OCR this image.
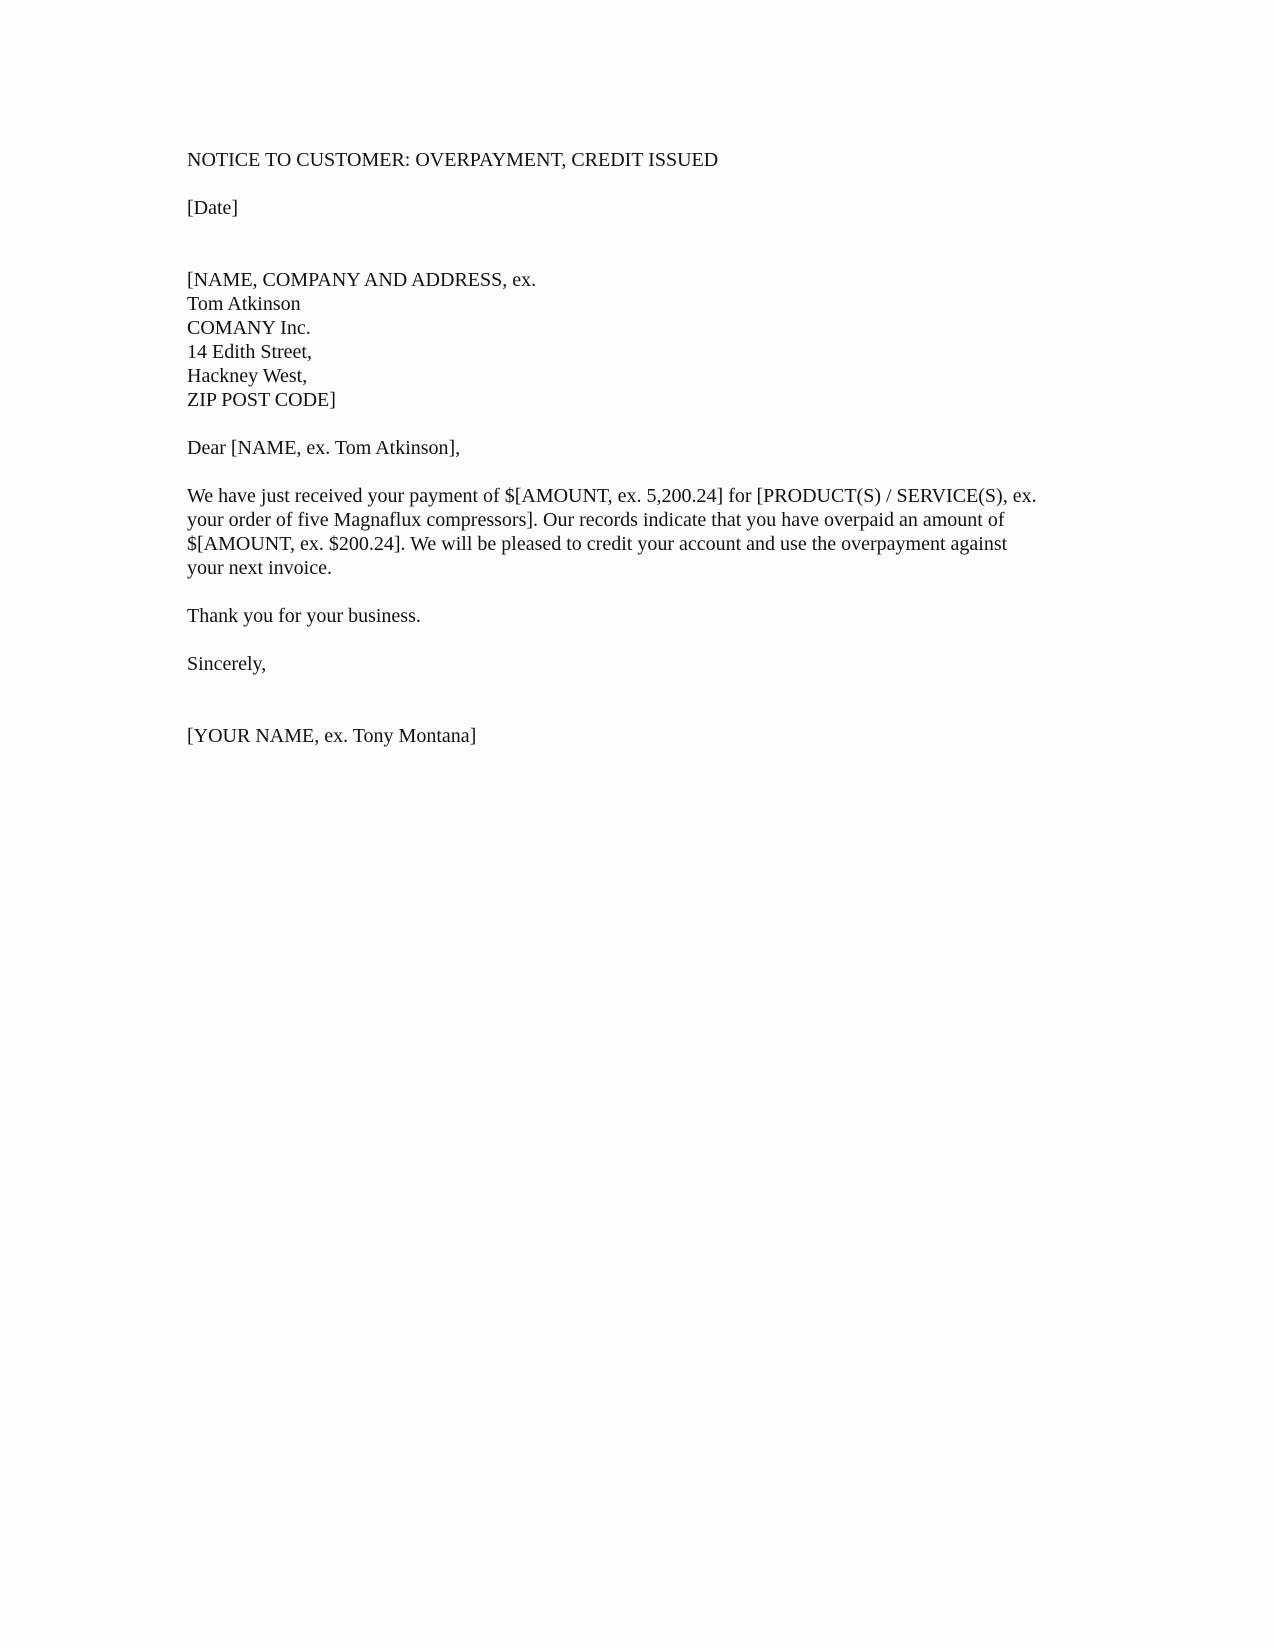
NOTICE TO CUSTOMER: OVERPAYMENT, CREDIT ISSUED
[Date]
[NAME, COMPANY AND ADDRESS, ex.
Tom Atkinson
COMANY Inc.
14 Edith Street,
Hackney West,
ZIP POST CODE]
Dear [NAME, ex. Tom Atkinson],
We have just received your payment of $[AMOUNT, ex. 5,200.24] for [PRODUCT(S) / SERVICE(S), ex.
your order of five Magnaflux compressors]. Our records indicate that you have overpaid an amount of
$[AMOUNT, ex. $200.24]. We will be pleased to credit your account and use the overpayment against
your next invoice.
Thank you for your business.
Sincerely,
[YOUR NAME, ex. Tony Montana]
